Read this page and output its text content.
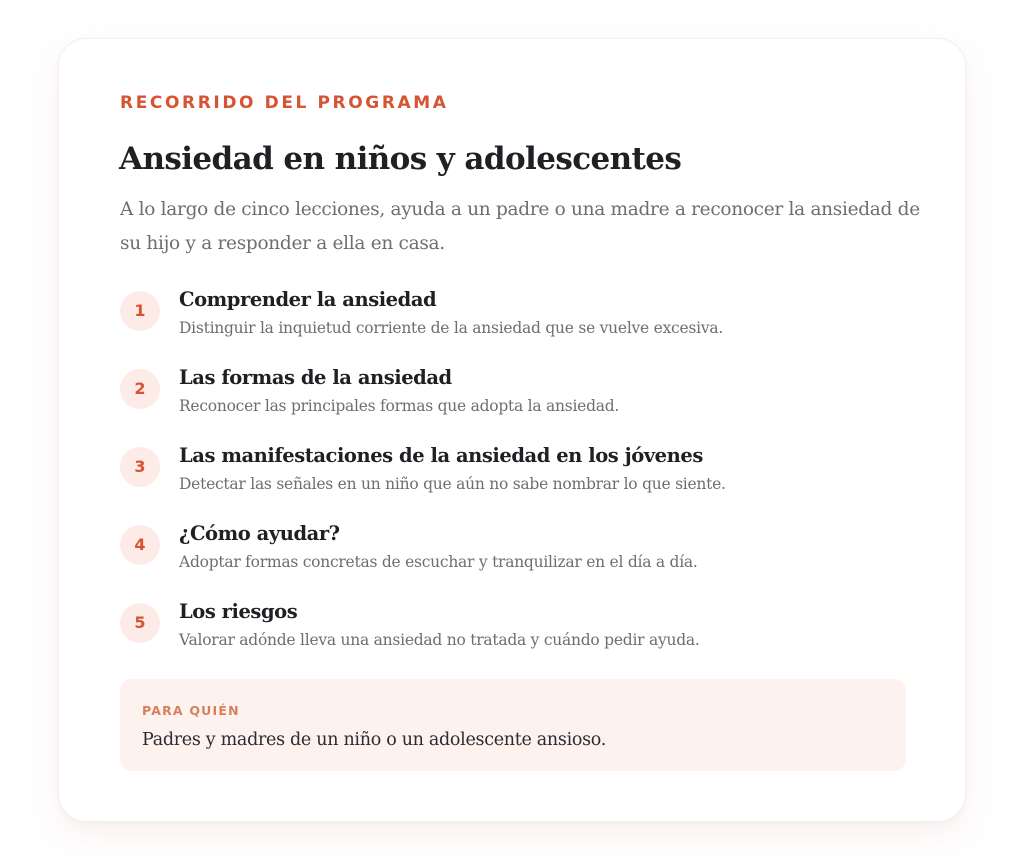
RECORRIDO DEL PROGRAMA

Ansiedad en niños y adolescentes

A lo largo de cinco lecciones, ayuda a un padre o una madre a reconocer la ansiedad de su hijo y a responder a ella en casa.

1	Comprender la ansiedad

Distinguir la inquietud corriente de la ansiedad que se vuelve excesiva.

2	Las formas de la ansiedad

Reconocer las principales formas que adopta la ansiedad.

3	Las manifestaciones de la ansiedad en los jóvenes

Detectar las señales en un niño que aún no sabe nombrar lo que siente.

4	¿Cómo ayudar?

Adoptar formas concretas de escuchar y tranquilizar en el día a día.

5	Los riesgos

Valorar adónde lleva una ansiedad no tratada y cuándo pedir ayuda.

PARA QUIÉN

Padres y madres de un niño o un adolescente ansioso.
